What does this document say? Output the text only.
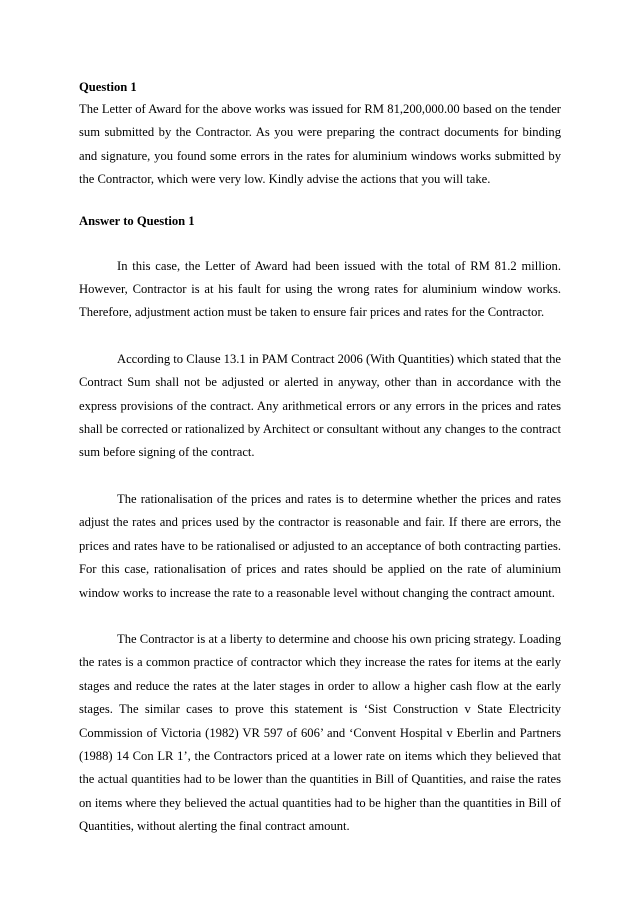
Question 1

The Letter of Award for the above works was issued for RM 81,200,000.00 based on the tender sum submitted by the Contractor. As you were preparing the contract documents for binding and signature, you found some errors in the rates for aluminium windows works submitted by the Contractor, which were very low. Kindly advise the actions that you will take.

Answer to Question 1

In this case, the Letter of Award had been issued with the total of RM 81.2 million. However, Contractor is at his fault for using the wrong rates for aluminium window works. Therefore, adjustment action must be taken to ensure fair prices and rates for the Contractor.

According to Clause 13.1 in PAM Contract 2006 (With Quantities) which stated that the Contract Sum shall not be adjusted or alerted in anyway, other than in accordance with the express provisions of the contract. Any arithmetical errors or any errors in the prices and rates shall be corrected or rationalized by Architect or consultant without any changes to the contract sum before signing of the contract.

The rationalisation of the prices and rates is to determine whether the prices and rates adjust the rates and prices used by the contractor is reasonable and fair. If there are errors, the prices and rates have to be rationalised or adjusted to an acceptance of both contracting parties. For this case, rationalisation of prices and rates should be applied on the rate of aluminium window works to increase the rate to a reasonable level without changing the contract amount.

The Contractor is at a liberty to determine and choose his own pricing strategy. Loading the rates is a common practice of contractor which they increase the rates for items at the early stages and reduce the rates at the later stages in order to allow a higher cash flow at the early stages. The similar cases to prove this statement is ‘Sist Construction v State Electricity Commission of Victoria (1982) VR 597 of 606’ and ‘Convent Hospital v Eberlin and Partners (1988) 14 Con LR 1’, the Contractors priced at a lower rate on items which they believed that the actual quantities had to be lower than the quantities in Bill of Quantities, and raise the rates on items where they believed the actual quantities had to be higher than the quantities in Bill of Quantities, without alerting the final contract amount.
